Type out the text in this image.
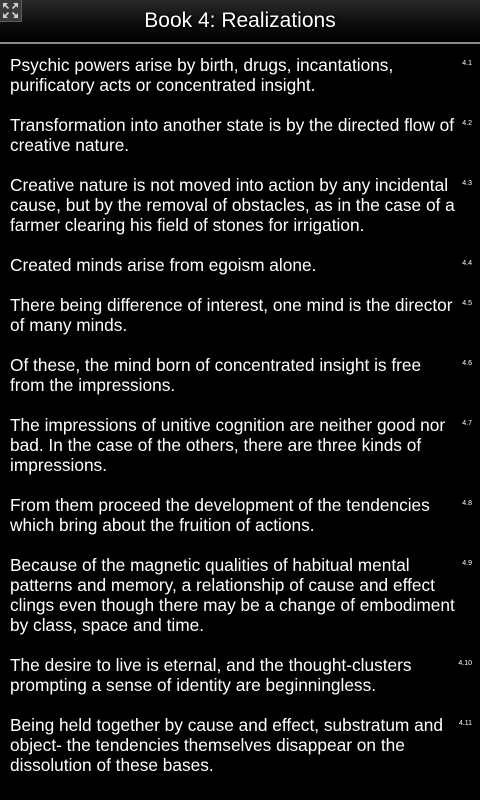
Book 4: Realizations
Psychic powers arise by birth, drugs, incantations, purificatory acts or concentrated insight.
4.1
Transformation into another state is by the directed flow of creative nature.
4.2
Creative nature is not moved into action by any incidental cause, but by the removal of obstacles, as in the case of a farmer clearing his field of stones for irrigation.
4.3
Created minds arise from egoism alone.	4.4
There being difference of interest, one mind is the director of many minds.
4.5
Of these, the mind born of concentrated insight is free from the impressions.
4.6
The impressions of unitive cognition are neither good nor bad. In the case of the others, there are three kinds of impressions.
4.7
From them proceed the development of the tendencies which bring about the fruition of actions.
4.8
Because of the magnetic qualities of habitual mental patterns and memory, a relationship of cause and effect clings even though there may be a change of embodiment by class, space and time.
4.9
The desire to live is eternal, and the thought-clusters prompting a sense of identity are beginningless.
4.10
Being held together by cause and effect, substratum and object- the tendencies themselves disappear on the dissolution of these bases.
4.11
